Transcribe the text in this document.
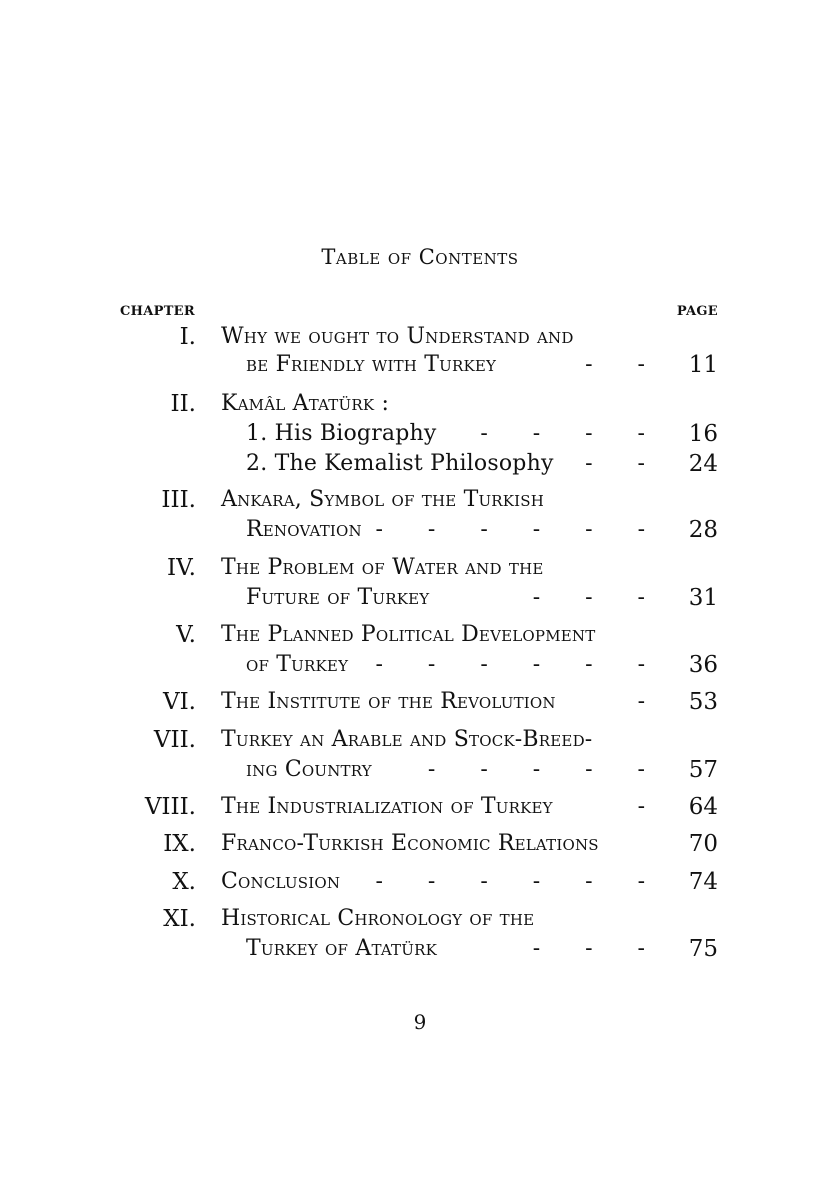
Table of Contents
CHAPTER	PAGE
I. Why we ought to Understand and
be Friendly with Turkey	-   - 11
II. Kamâl Atatürk :
1. His Biography -   -   -   - 16
2. The Kemalist Philosophy -   - 24
III. Ankara, Symbol of the Turkish
Renovation -   -   -   -   -   - 28
IV. The Problem of Water and the
Future of Turkey	-   -   - 31
V. The Planned Political Development
of Turkey -   -   -   -   -   - 36
VI. The Institute of the Revolution	- 53
VII. Turkey an Arable and Stock-Breed-
ing Country	-   -   -   -   - 57
VIII. The Industrialization of Turkey	- 64
IX. Franco-Turkish Economic Relations	70
X. Conclusion -   -   -   -   -   - 74
XI. Historical Chronology of the
Turkey of Atatürk	-   -   - 75
9
